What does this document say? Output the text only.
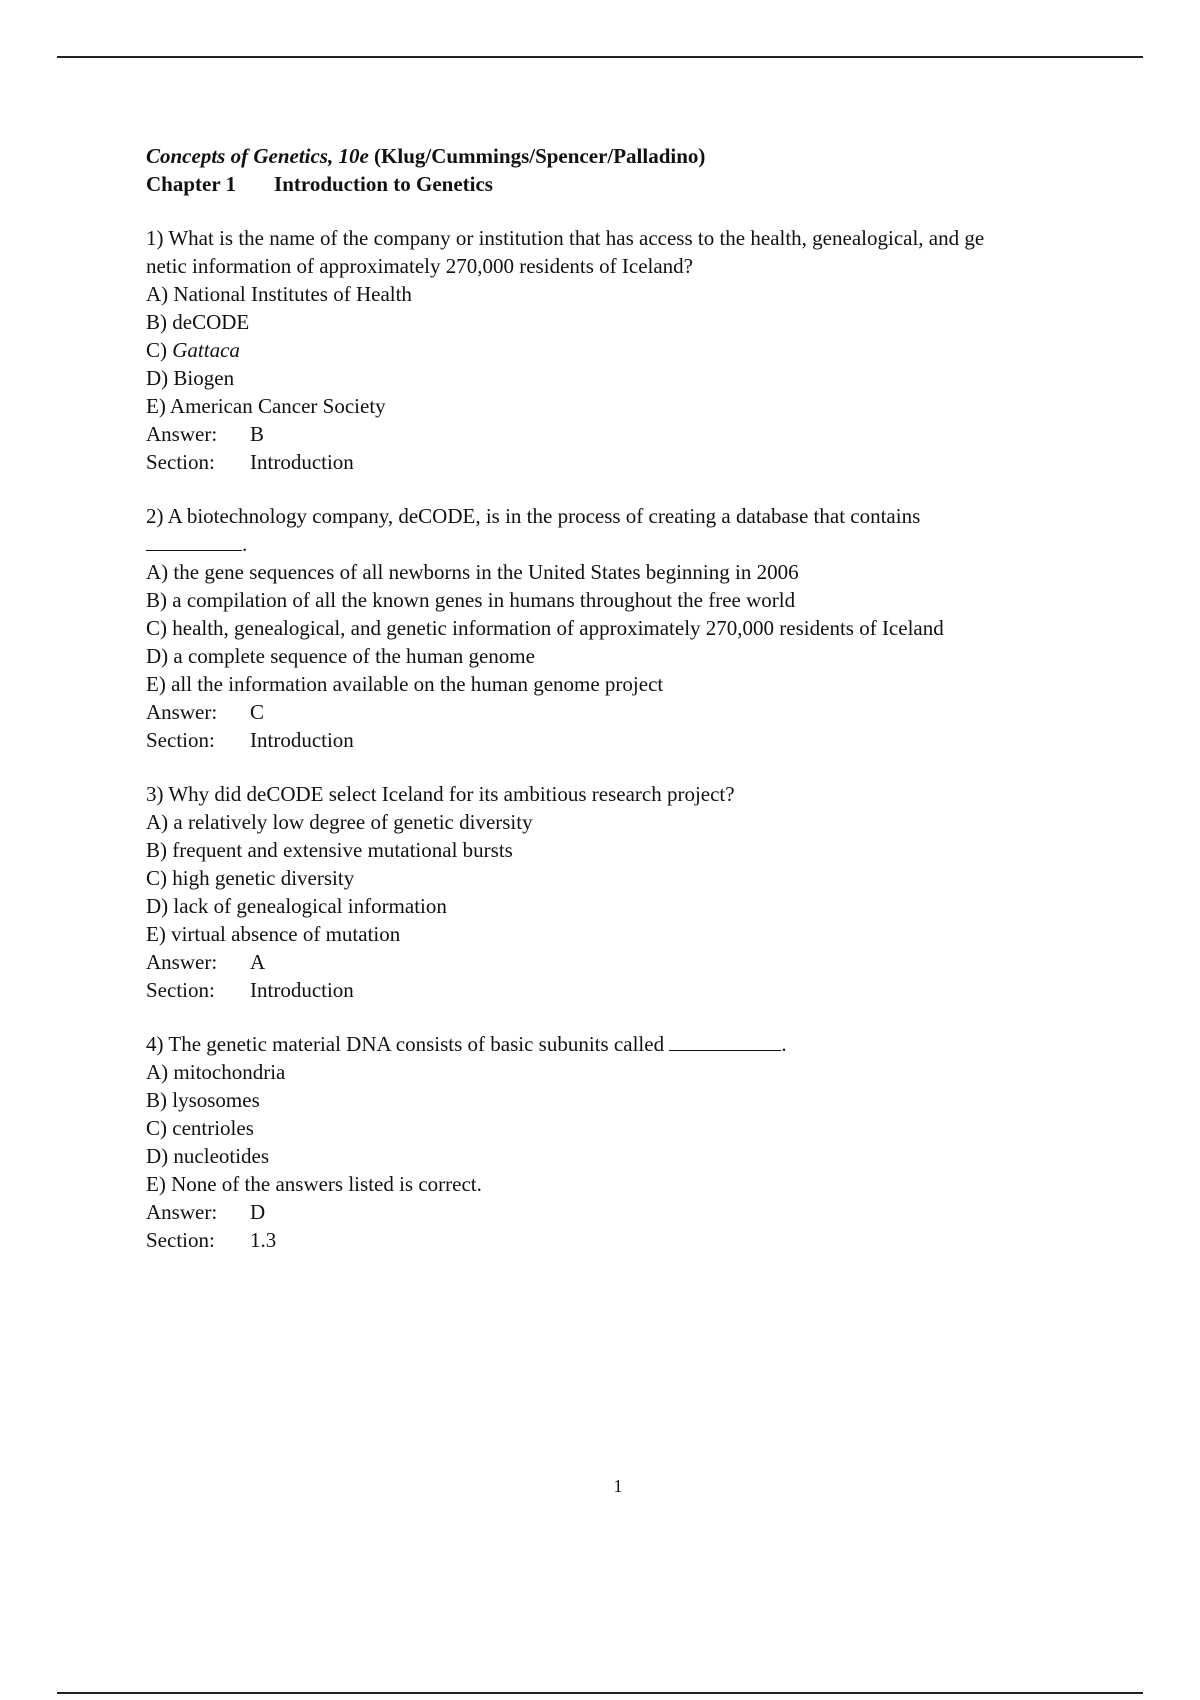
Concepts of Genetics, 10e (Klug/Cummings/Spencer/Palladino)
Chapter 1 Introduction to Genetics
1) What is the name of the company or institution that has access to the health, genealogical, and ge
netic information of approximately 270,000 residents of Iceland?
A) National Institutes of Health
B) deCODE
C) Gattaca
D) Biogen
E) American Cancer Society
Answer: B
Section: Introduction
2) A biotechnology company, deCODE, is in the process of creating a database that contains
.
A) the gene sequences of all newborns in the United States beginning in 2006
B) a compilation of all the known genes in humans throughout the free world
C) health, genealogical, and genetic information of approximately 270,000 residents of Iceland
D) a complete sequence of the human genome
E) all the information available on the human genome project
Answer: C
Section: Introduction
3) Why did deCODE select Iceland for its ambitious research project?
A) a relatively low degree of genetic diversity
B) frequent and extensive mutational bursts
C) high genetic diversity
D) lack of genealogical information
E) virtual absence of mutation
Answer: A
Section: Introduction
4) The genetic material DNA consists of basic subunits called	.
A) mitochondria
B) lysosomes
C) centrioles
D) nucleotides
E) None of the answers listed is correct.
Answer: D
Section: 1.3
1
